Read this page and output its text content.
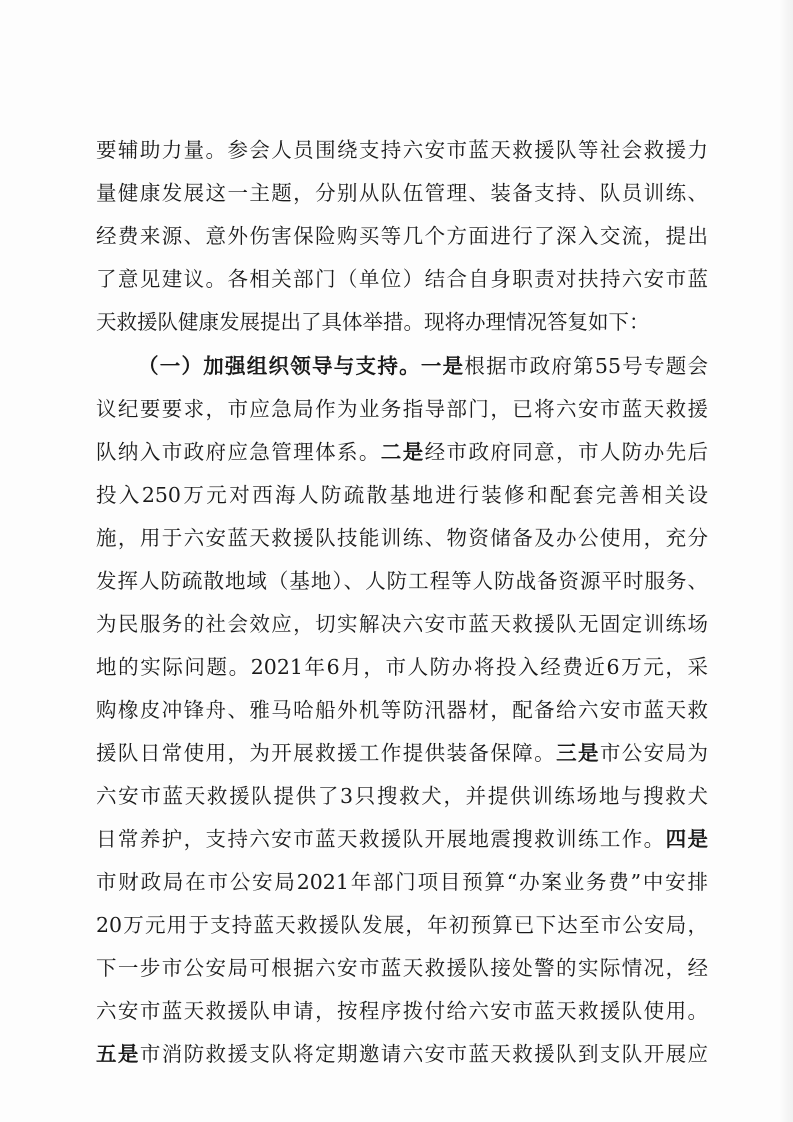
要辅助力量。参会人员围绕支持六安市蓝天救援队等社会救援力
量健康发展这一主题，分别从队伍管理、装备支持、队员训练、
经费来源、意外伤害保险购买等几个方面进行了深入交流，提出
了意见建议。各相关部门（单位）结合自身职责对扶持六安市蓝
天救援队健康发展提出了具体举措。现将办理情况答复如下：
（一）加强组织领导与支持。一是根据市政府第55号专题会
议纪要要求，市应急局作为业务指导部门，已将六安市蓝天救援
队纳入市政府应急管理体系。二是经市政府同意，市人防办先后
投入250万元对西海人防疏散基地进行装修和配套完善相关设
施，用于六安蓝天救援队技能训练、物资储备及办公使用，充分
发挥人防疏散地域（基地）、人防工程等人防战备资源平时服务、
为民服务的社会效应，切实解决六安市蓝天救援队无固定训练场
地的实际问题。2021年6月，市人防办将投入经费近6万元，采
购橡皮冲锋舟、雅马哈船外机等防汛器材，配备给六安市蓝天救
援队日常使用，为开展救援工作提供装备保障。三是市公安局为
六安市蓝天救援队提供了3只搜救犬，并提供训练场地与搜救犬
日常养护，支持六安市蓝天救援队开展地震搜救训练工作。四是
市财政局在市公安局2021年部门项目预算“办案业务费”中安排
20万元用于支持蓝天救援队发展，年初预算已下达至市公安局，
下一步市公安局可根据六安市蓝天救援队接处警的实际情况，经
六安市蓝天救援队申请，按程序拨付给六安市蓝天救援队使用。
五是市消防救援支队将定期邀请六安市蓝天救援队到支队开展应
